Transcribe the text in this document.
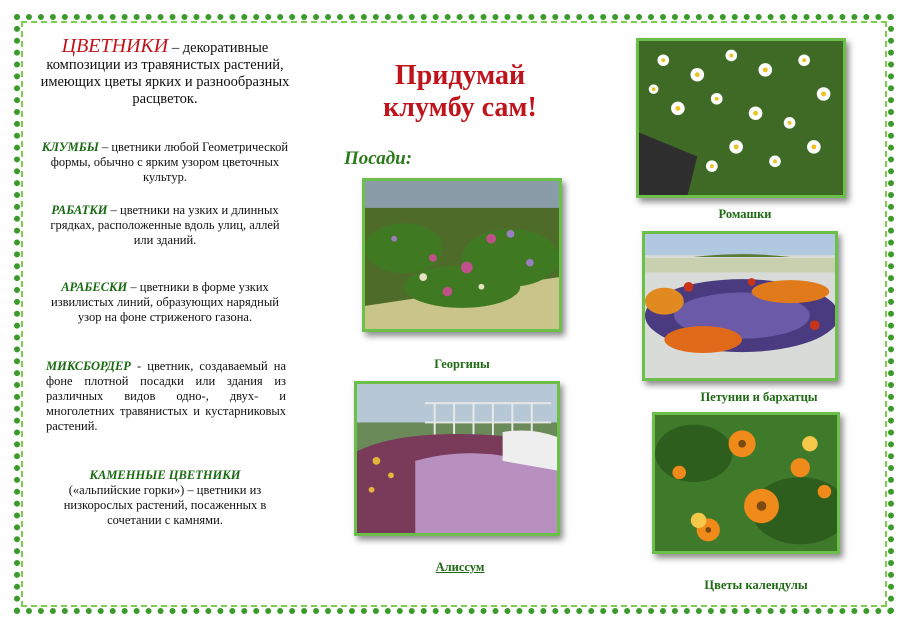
ЦВЕТНИКИ – декоративные композиции из травянистых растений, имеющих цветы ярких и разнообразных расцветок.
КЛУМБЫ – цветники любой Геометрической формы, обычно с ярким узором цветочных культур.
РАБАТКИ – цветники на узких и длинных грядках, расположенные вдоль улиц, аллей или зданий.
АРАБЕСКИ – цветники в форме узких извилистых линий, образующих нарядный узор на фоне стриженого газона.
МИКСБОРДЕР - цветник, создаваемый на фоне плотной посадки или здания из различных видов одно-, двух- и многолетних травянистых и кустарниковых растений.
КАМЕННЫЕ ЦВЕТНИКИ
(«альпийские горки») – цветники из низкорослых растений, посаженных в сочетании с камнями.
Придумай клумбу сам!
Посади:
Георгины
Алиссум
Ромашки
Петунии и бархатцы
Цветы календулы
